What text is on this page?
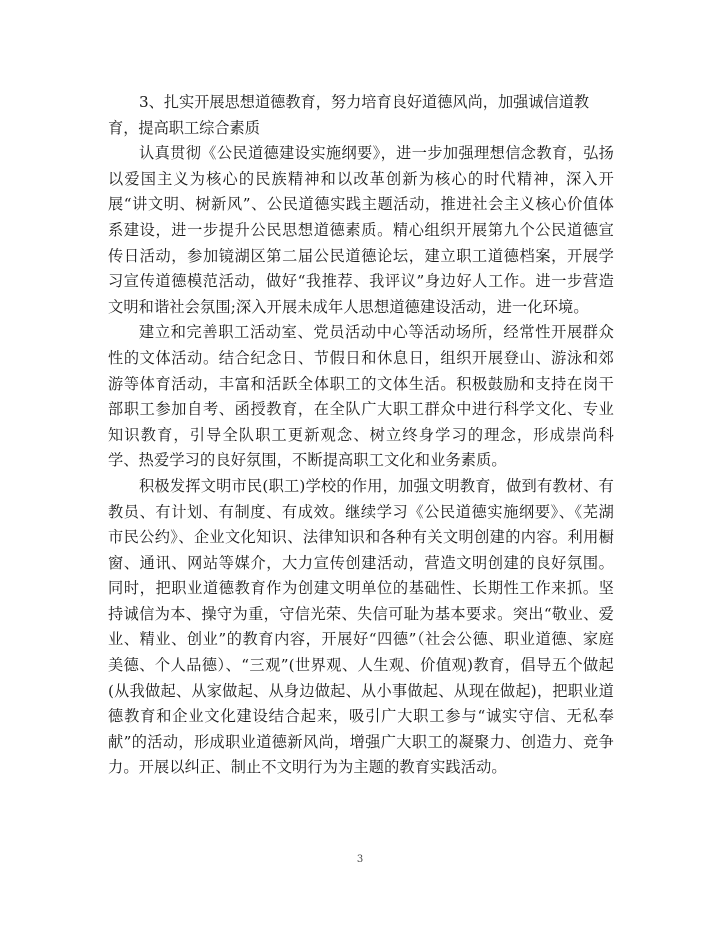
3、扎实开展思想道德教育，努力培育良好道德风尚，加强诚信道教育，提高职工综合素质

认真贯彻《公民道德建设实施纲要》，进一步加强理想信念教育，弘扬以爱国主义为核心的民族精神和以改革创新为核心的时代精神，深入开展“讲文明、树新风”、公民道德实践主题活动，推进社会主义核心价值体系建设，进一步提升公民思想道德素质。精心组织开展第九个公民道德宣传日活动，参加镜湖区第二届公民道德论坛，建立职工道德档案，开展学习宣传道德模范活动，做好“我推荐、我评议”身边好人工作。进一步营造文明和谐社会氛围;深入开展未成年人思想道德建设活动，进一化环境。

建立和完善职工活动室、党员活动中心等活动场所，经常性开展群众性的文体活动。结合纪念日、节假日和休息日，组织开展登山、游泳和郊游等体育活动，丰富和活跃全体职工的文体生活。积极鼓励和支持在岗干部职工参加自考、函授教育，在全队广大职工群众中进行科学文化、专业知识教育，引导全队职工更新观念、树立终身学习的理念，形成崇尚科学、热爱学习的良好氛围，不断提高职工文化和业务素质。

积极发挥文明市民(职工)学校的作用，加强文明教育，做到有教材、有教员、有计划、有制度、有成效。继续学习《公民道德实施纲要》、《芜湖市民公约》、企业文化知识、法律知识和各种有关文明创建的内容。利用橱窗、通讯、网站等媒介，大力宣传创建活动，营造文明创建的良好氛围。同时，把职业道德教育作为创建文明单位的基础性、长期性工作来抓。坚持诚信为本、操守为重，守信光荣、失信可耻为基本要求。突出“敬业、爱业、精业、创业”的教育内容，开展好“四德”（社会公德、职业道德、家庭美德、个人品德）、“三观”(世界观、人生观、价值观)教育，倡导五个做起(从我做起、从家做起、从身边做起、从小事做起、从现在做起)，把职业道德教育和企业文化建设结合起来，吸引广大职工参与“诚实守信、无私奉献”的活动，形成职业道德新风尚，增强广大职工的凝聚力、创造力、竞争力。开展以纠正、制止不文明行为为主题的教育实践活动。

3
